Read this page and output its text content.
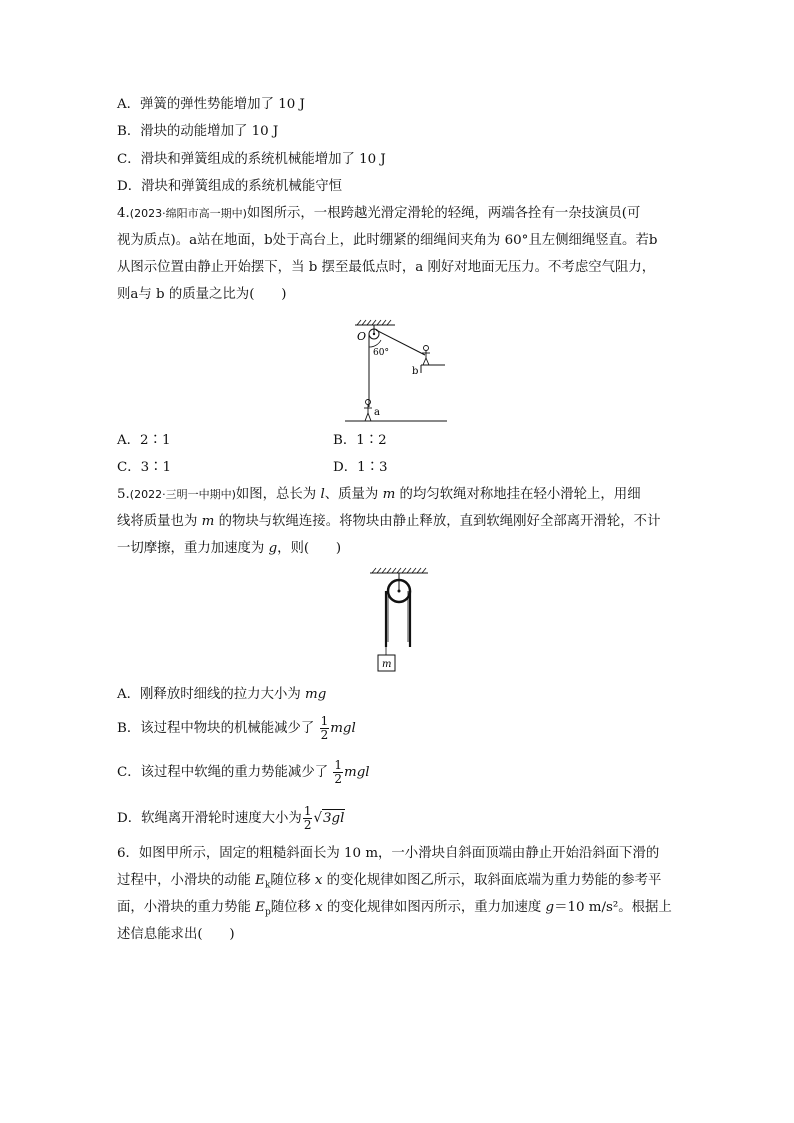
A．弹簧的弹性势能增加了 10 J
B．滑块的动能增加了 10 J
C．滑块和弹簧组成的系统机械能增加了 10 J
D．滑块和弹簧组成的系统机械能守恒
4.(2023·绵阳市高一期中)如图所示，一根跨越光滑定滑轮的轻绳，两端各拴有一杂技演员(可
视为质点)。a站在地面，b处于高台上，此时绷紧的细绳间夹角为 60°且左侧细绳竖直。若b
从图示位置由静止开始摆下，当 b 摆至最低点时，a 刚好对地面无压力。不考虑空气阻力，
则a与 b 的质量之比为(　　)
O
60°
b
a
A．2∶1	B．1∶2
C．3∶1	D．1∶3
5.(2022·三明一中期中)如图，总长为 l、质量为 m 的均匀软绳对称地挂在轻小滑轮上，用细
线将质量也为 m 的物块与软绳连接。将物块由静止释放，直到软绳刚好全部离开滑轮，不计
一切摩擦，重力加速度为 g，则(　　)
m
A．刚释放时细线的拉力大小为 mg
B．该过程中物块的机械能减少了 $\frac{1}{2}$ mgl
C．该过程中软绳的重力势能减少了 $\frac{1}{2}$ mgl
D．软绳离开滑轮时速度大小为 $\frac{1}{2} √3gl$
6．如图甲所示，固定的粗糙斜面长为 10 m，一小滑块自斜面顶端由静止开始沿斜面下滑的
过程中，小滑块的动能 $E_k$随位移 x 的变化规律如图乙所示，取斜面底端为重力势能的参考平
面，小滑块的重力势能 $E_p$随位移 x 的变化规律如图丙所示，重力加速度 g＝10 m/s²。根据上
述信息能求出(　　)
